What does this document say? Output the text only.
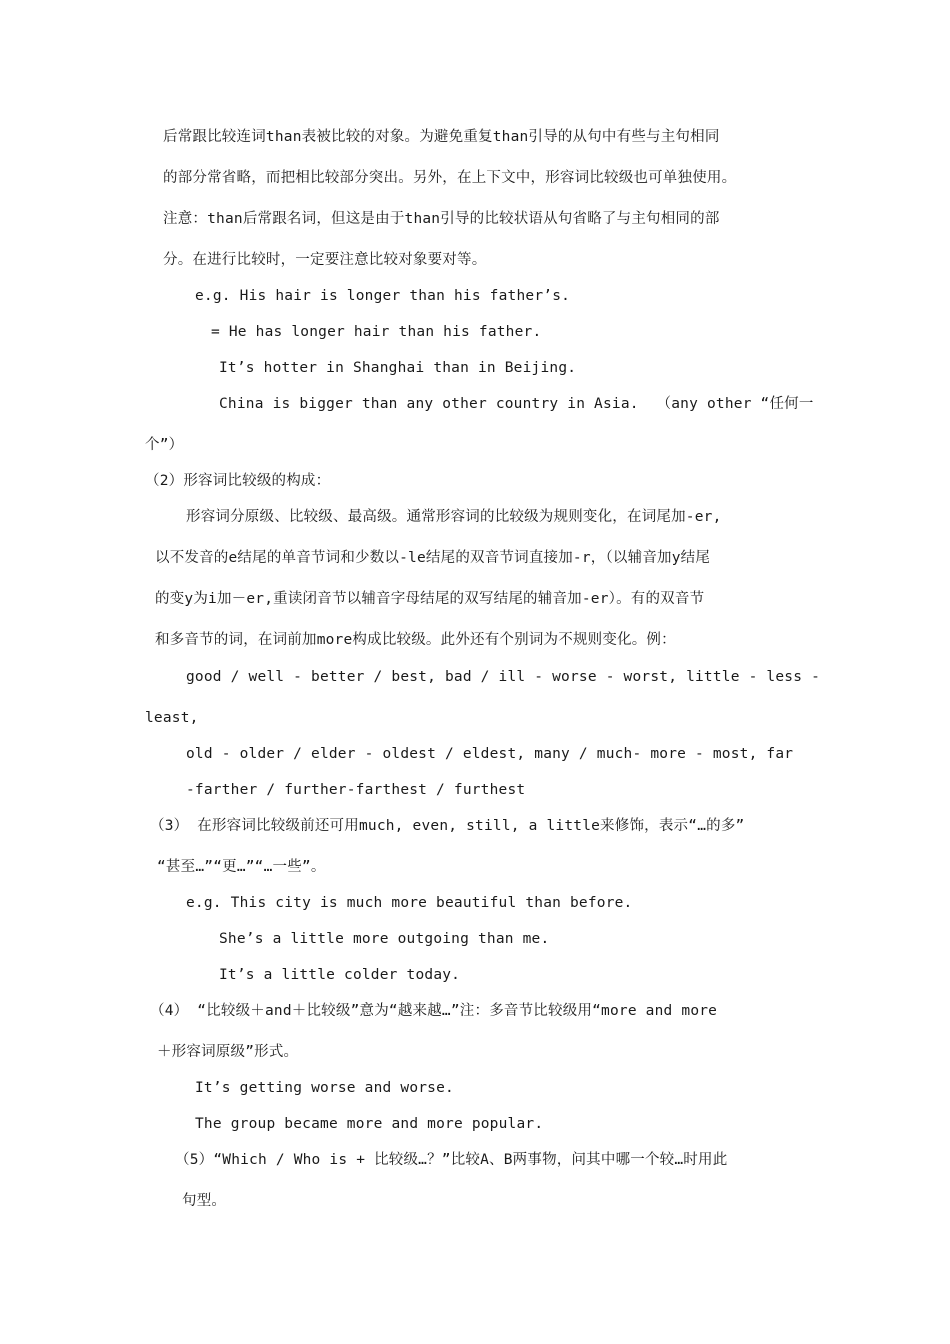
后常跟比较连词than表被比较的对象。为避免重复than引导的从句中有些与主句相同
的部分常省略，而把相比较部分突出。另外，在上下文中，形容词比较级也可单独使用。
注意：than后常跟名词，但这是由于than引导的比较状语从句省略了与主句相同的部
分。在进行比较时，一定要注意比较对象要对等。
e.g. His hair is longer than his father’s.
= He has longer hair than his father.
It’s hotter in Shanghai than in Beijing.
China is bigger than any other country in Asia.  （any other “任何一
个”）
（2）形容词比较级的构成：
形容词分原级、比较级、最高级。通常形容词的比较级为规则变化，在词尾加-er,
以不发音的e结尾的单音节词和少数以-le结尾的双音节词直接加-r，（以辅音加y结尾
的变y为i加－er,重读闭音节以辅音字母结尾的双写结尾的辅音加-er）。有的双音节
和多音节的词，在词前加more构成比较级。此外还有个别词为不规则变化。例：
good / well - better / best, bad / ill - worse - worst, little - less -
least,
old - older / elder - oldest / eldest, many / much- more - most, far
-farther / further-farthest / furthest
（3） 在形容词比较级前还可用much, even, still, a little来修饰，表示“…的多”
“甚至…”“更…”“…一些”。
e.g. This city is much more beautiful than before.
She’s a little more outgoing than me.
It’s a little colder today.
（4） “比较级＋and＋比较级”意为“越来越…”注：多音节比较级用“more and more
＋形容词原级”形式。
It’s getting worse and worse.
The group became more and more popular.
（5）“Which / Who is + 比较级…？”比较A、B两事物，问其中哪一个较…时用此
句型。
